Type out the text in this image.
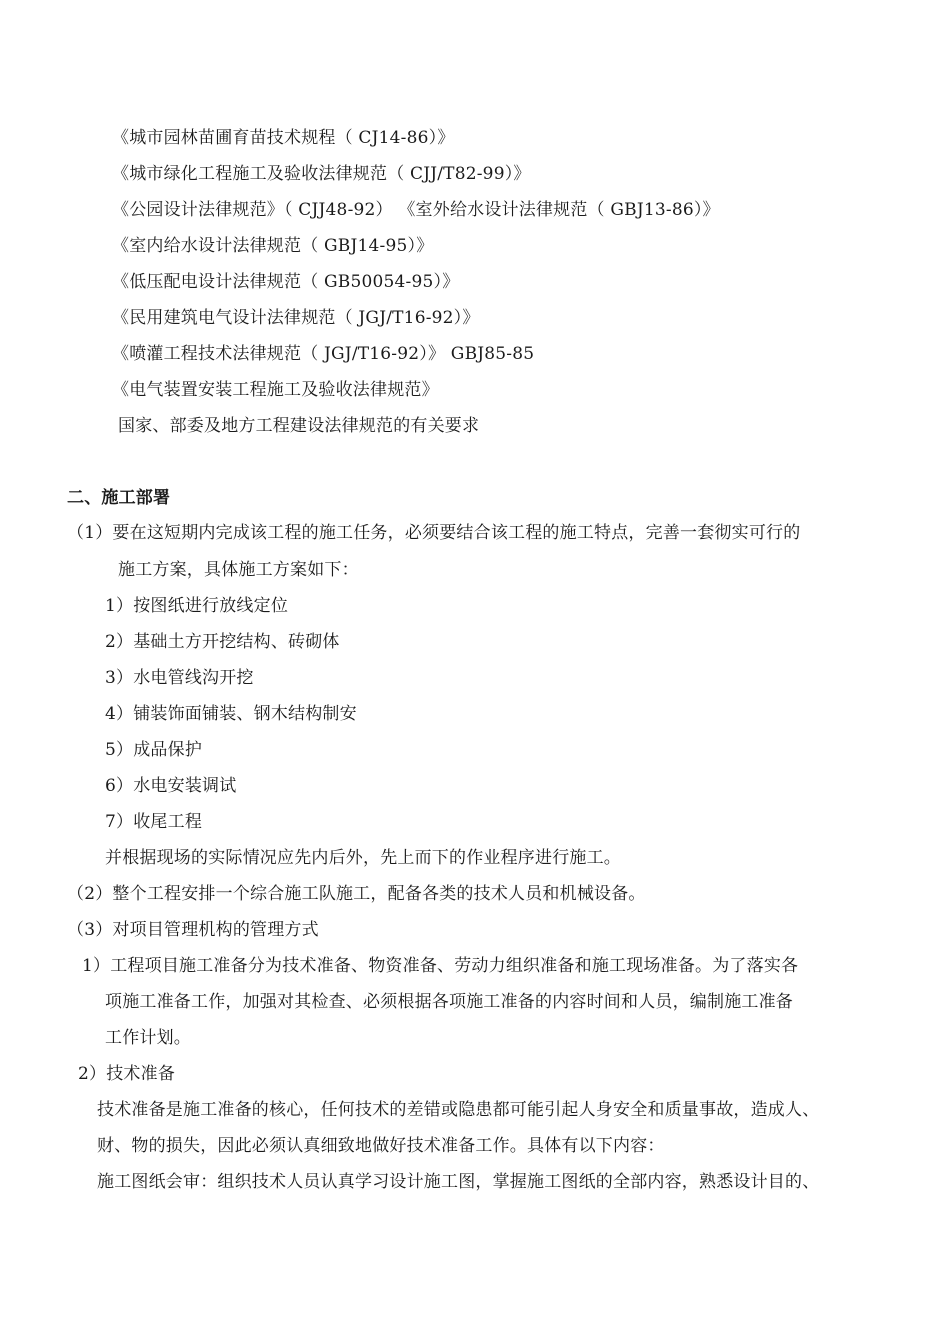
《城市园林苗圃育苗技术规程（ CJ14-86）》
《城市绿化工程施工及验收法律规范（ CJJ/T82-99）》
《公园设计法律规范》（ CJJ48-92） 《室外给水设计法律规范（ GBJ13-86）》
《室内给水设计法律规范（ GBJ14-95）》
《低压配电设计法律规范（ GB50054-95）》
《民用建筑电气设计法律规范（ JGJ/T16-92）》
《喷灌工程技术法律规范（ JGJ/T16-92）》 GBJ85-85
《电气装置安装工程施工及验收法律规范》
国家、部委及地方工程建设法律规范的有关要求
二、施工部署
（1）要在这短期内完成该工程的施工任务，必须要结合该工程的施工特点，完善一套彻实可行的
施工方案，具体施工方案如下：
1）按图纸进行放线定位
2）基础土方开挖结构、砖砌体
3）水电管线沟开挖
4）铺装饰面铺装、钢木结构制安
5）成品保护
6）水电安装调试
7）收尾工程
并根据现场的实际情况应先内后外，先上而下的作业程序进行施工。
（2）整个工程安排一个综合施工队施工，配备各类的技术人员和机械设备。
（3）对项目管理机构的管理方式
1）工程项目施工准备分为技术准备、物资准备、劳动力组织准备和施工现场准备。为了落实各
项施工准备工作，加强对其检查、必须根据各项施工准备的内容时间和人员，编制施工准备
工作计划。
2）技术准备
技术准备是施工准备的核心，任何技术的差错或隐患都可能引起人身安全和质量事故，造成人、
财、物的损失，因此必须认真细致地做好技术准备工作。具体有以下内容：
施工图纸会审：组织技术人员认真学习设计施工图，掌握施工图纸的全部内容，熟悉设计目的、
